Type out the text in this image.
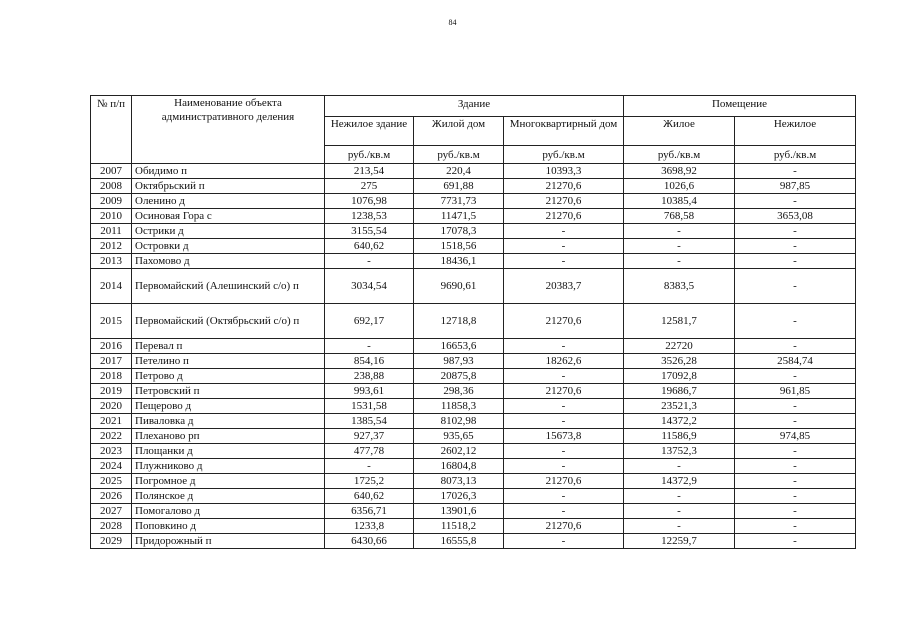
84
№ п/п	Наименование объекта административного деления	Здание			Помещение	
		Нежилое здание	Жилой дом	Многоквартирный дом	Жилое	Нежилое
		руб./кв.м	руб./кв.м	руб./кв.м	руб./кв.м	руб./кв.м
2007	Обидимо п	213,54	220,4	10393,3	3698,92	-
2008	Октябрьский п	275	691,88	21270,6	1026,6	987,85
2009	Оленино д	1076,98	7731,73	21270,6	10385,4	-
2010	Осиновая Гора с	1238,53	11471,5	21270,6	768,58	3653,08
2011	Острики д	3155,54	17078,3	-	-	-
2012	Островки д	640,62	1518,56	-	-	-
2013	Пахомово д	-	18436,1	-	-	-
2014	Первомайский (Алешинский с/о) п	3034,54	9690,61	20383,7	8383,5	-
2015	Первомайский (Октябрьский с/о) п	692,17	12718,8	21270,6	12581,7	-
2016	Перевал п	-	16653,6	-	22720	-
2017	Петелино п	854,16	987,93	18262,6	3526,28	2584,74
2018	Петрово д	238,88	20875,8	-	17092,8	-
2019	Петровский п	993,61	298,36	21270,6	19686,7	961,85
2020	Пещерово д	1531,58	11858,3	-	23521,3	-
2021	Пиваловка д	1385,54	8102,98	-	14372,2	-
2022	Плеханово рп	927,37	935,65	15673,8	11586,9	974,85
2023	Площанки д	477,78	2602,12	-	13752,3	-
2024	Плужниково д	-	16804,8	-	-	-
2025	Погромное д	1725,2	8073,13	21270,6	14372,9	-
2026	Полянское д	640,62	17026,3	-	-	-
2027	Помогалово д	6356,71	13901,6	-	-	-
2028	Поповкино д	1233,8	11518,2	21270,6	-	-
2029	Придорожный п	6430,66	16555,8	-	12259,7	-
